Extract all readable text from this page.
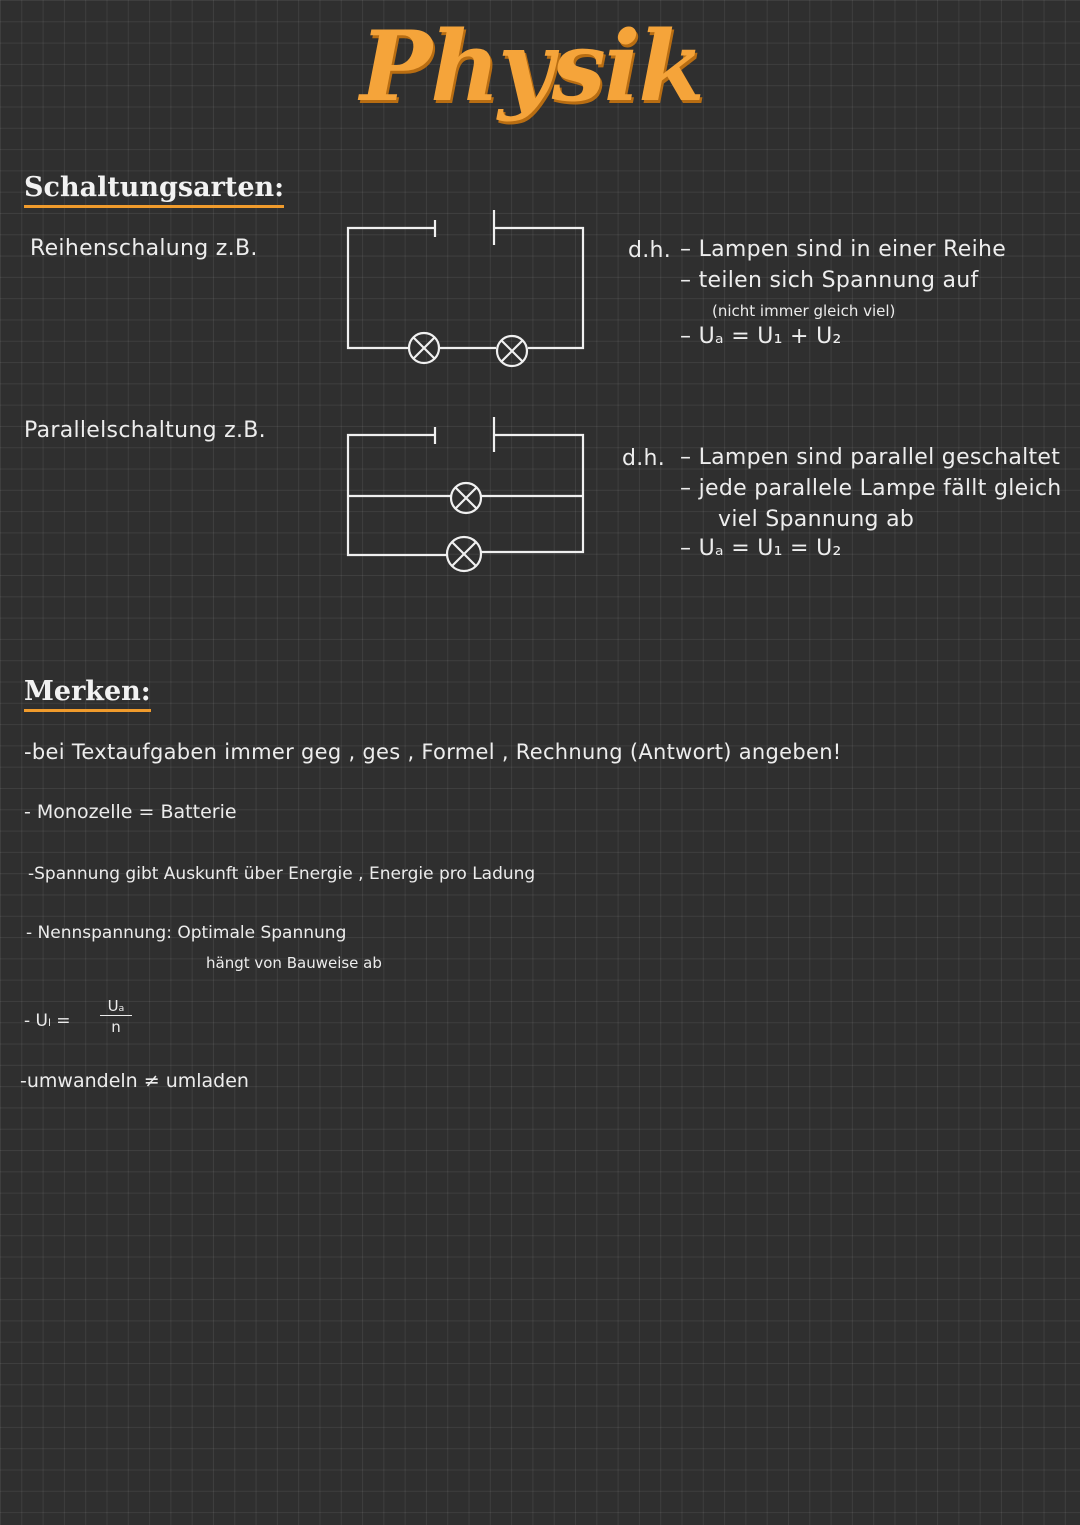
Physik
Schaltungsarten:
Reihenschalung z.B.	d.h. – Lampen sind in einer Reihe
– teilen sich Spannung auf
(nicht immer gleich viel)
– Uₐ = U₁ + U₂
Parallelschaltung z.B.
d.h. – Lampen sind parallel geschaltet
– jede parallele Lampe fällt gleich
viel Spannung ab
– Uₐ = U₁ = U₂
Merken:
-bei Textaufgaben immer geg , ges , Formel , Rechnung (Antwort) angeben!
- Monozelle = Batterie
-Spannung gibt Auskunft über Energie , Energie pro Ladung
- Nennspannung: Optimale Spannung
hängt von Bauweise ab
- Uₗ =
Uₐ
n
-umwandeln ≠ umladen
